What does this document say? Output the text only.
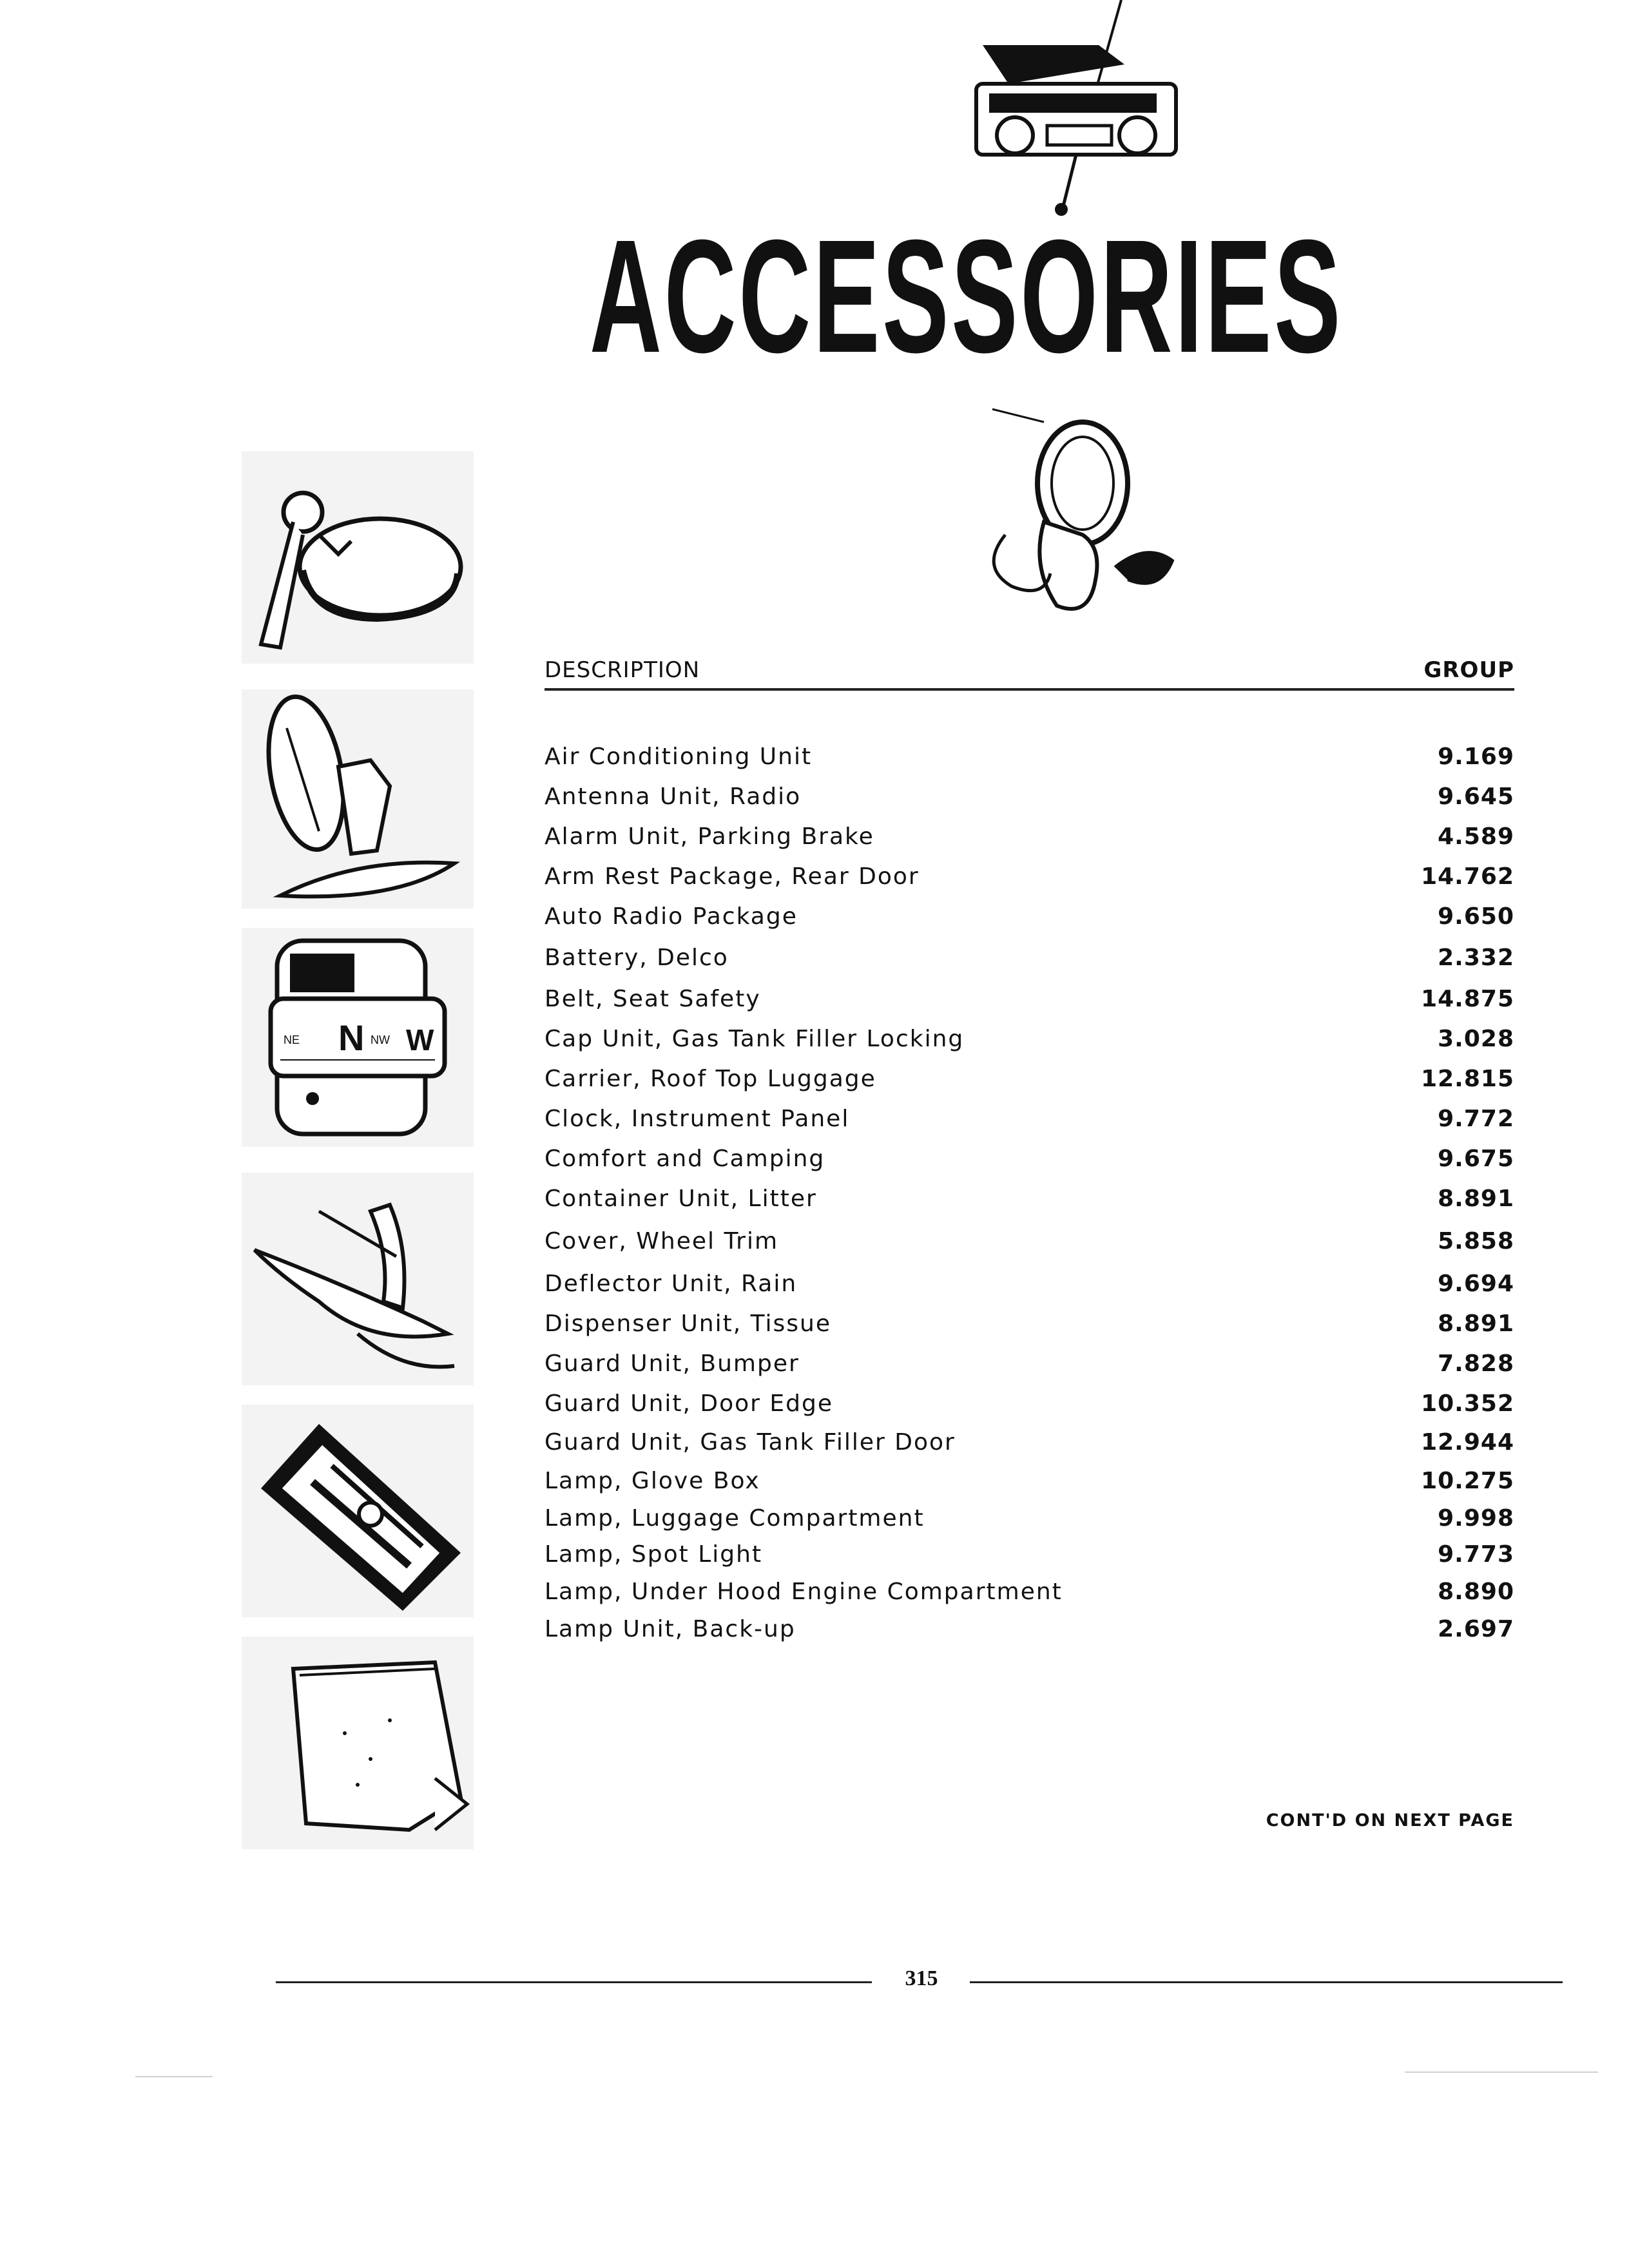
ACCESSORIES
N NW W
NE
DESCRIPTION	GROUP
Air Conditioning Unit	9.169
Antenna Unit, Radio	9.645
Alarm Unit, Parking Brake	4.589
Arm Rest Package, Rear Door	14.762
Auto Radio Package	9.650
Battery, Delco	2.332
Belt, Seat Safety	14.875
Cap Unit, Gas Tank Filler Locking	3.028
Carrier, Roof Top Luggage	12.815
Clock, Instrument Panel	9.772
Comfort and Camping	9.675
Container Unit, Litter	8.891
Cover, Wheel Trim	5.858
Deflector Unit, Rain	9.694
Dispenser Unit, Tissue	8.891
Guard Unit, Bumper	7.828
Guard Unit, Door Edge	10.352
Guard Unit, Gas Tank Filler Door	12.944
Lamp, Glove Box	10.275
Lamp, Luggage Compartment	9.998
Lamp, Spot Light	9.773
Lamp, Under Hood Engine Compartment	8.890
Lamp Unit, Back-up	2.697
CONT'D ON NEXT PAGE
315
